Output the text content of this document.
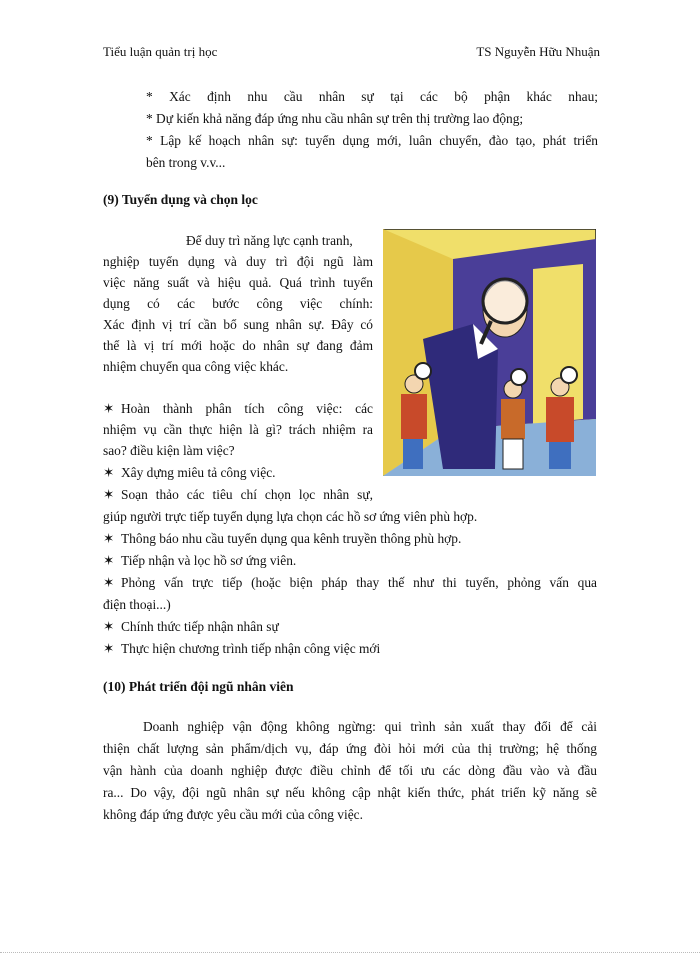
Tiểu luận quản trị học	TS Nguyễn Hữu Nhuận
* Xác định nhu cầu nhân sự tại các bộ phận khác nhau;
* Dự kiến khả năng đáp ứng nhu cầu nhân sự trên thị trường lao động;
* Lập kế hoạch nhân sự: tuyển dụng mới, luân chuyển, đào tạo, phát triển
bên trong v.v...
(9) Tuyển dụng và chọn lọc
Để duy trì năng lực cạnh tranh,
nghiệp tuyển dụng và duy trì đội ngũ làm
việc năng suất và hiệu quả. Quá trình tuyển
dụng có các bước công việc chính:
Xác định vị trí cần bổ sung nhân sự. Đây có
thể là vị trí mới hoặc do nhân sự đang đảm
nhiệm chuyển qua công việc khác.
✶ Hoàn thành phân tích công việc: các
nhiệm vụ cần thực hiện là gì? trách nhiệm ra
sao? điều kiện làm việc?
✶ Xây dựng miêu tả công việc.
✶ Soạn thảo các tiêu chí chọn lọc nhân sự,
giúp người trực tiếp tuyển dụng lựa chọn các hồ sơ ứng viên phù hợp.
✶ Thông báo nhu cầu tuyển dụng qua kênh truyền thông phù hợp.
✶ Tiếp nhận và lọc hồ sơ ứng viên.
✶ Phỏng vấn trực tiếp (hoặc biện pháp thay thế như thi tuyển, phỏng vấn qua
điện thoại...)
✶ Chính thức tiếp nhận nhân sự
✶ Thực hiện chương trình tiếp nhận công việc mới
(10) Phát triển đội ngũ nhân viên
Doanh nghiệp vận động không ngừng: qui trình sản xuất thay đổi để cải
thiện chất lượng sản phẩm/dịch vụ, đáp ứng đòi hỏi mới của thị trường; hệ thống
vận hành của doanh nghiệp được điều chỉnh để tối ưu các dòng đầu vào và đầu
ra... Do vậy, đội ngũ nhân sự nếu không cập nhật kiến thức, phát triển kỹ năng sẽ
không đáp ứng được yêu cầu mới của công việc.
